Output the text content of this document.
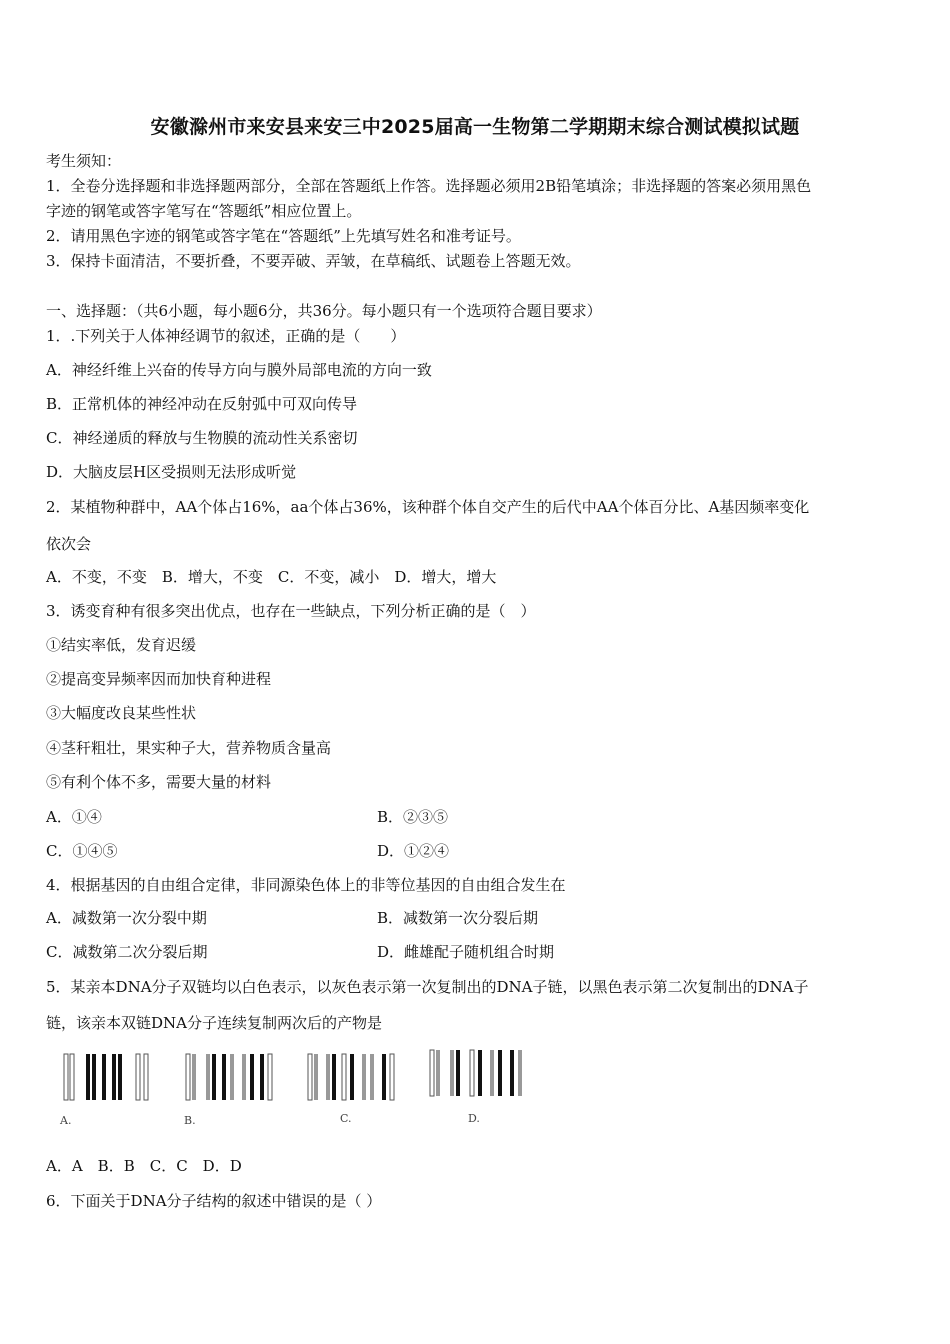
安徽滁州市来安县来安三中2025届高一生物第二学期期末综合测试模拟试题
考生须知：
1．全卷分选择题和非选择题两部分，全部在答题纸上作答。选择题必须用2B铅笔填涂；非选择题的答案必须用黑色
字迹的钢笔或答字笔写在“答题纸”相应位置上。
2．请用黑色字迹的钢笔或答字笔在“答题纸”上先填写姓名和准考证号。
3．保持卡面清洁，不要折叠，不要弄破、弄皱，在草稿纸、试题卷上答题无效。
一、选择题：（共6小题，每小题6分，共36分。每小题只有一个选项符合题目要求）
1．.下列关于人体神经调节的叙述，正确的是（　　）
A．神经纤维上兴奋的传导方向与膜外局部电流的方向一致
B．正常机体的神经冲动在反射弧中可双向传导
C．神经递质的释放与生物膜的流动性关系密切
D．大脑皮层H区受损则无法形成听觉
2．某植物种群中，AA个体占16%，aa个体占36%，该种群个体自交产生的后代中AA个体百分比、A基因频率变化
依次会
A．不变，不变　B．增大，不变　C．不变，减小　D．增大，增大
3．诱变育种有很多突出优点，也存在一些缺点，下列分析正确的是（　）
①结实率低，发育迟缓
②提高变异频率因而加快育种进程
③大幅度改良某些性状
④茎秆粗壮，果实种子大，营养物质含量高
⑤有利个体不多，需要大量的材料
A．①④	B．②③⑤
C．①④⑤	D．①②④
4．根据基因的自由组合定律，非同源染色体上的非等位基因的自由组合发生在
A．减数第一次分裂中期	B．减数第一次分裂后期
C．减数第二次分裂后期	D．雌雄配子随机组合时期
5．某亲本DNA分子双链均以白色表示，以灰色表示第一次复制出的DNA子链，以黑色表示第二次复制出的DNA子
链，该亲本双链DNA分子连续复制两次后的产物是
A.	B.	C.	D.
A．A　B．B　C．C　D．D
6．下面关于DNA分子结构的叙述中错误的是（ ）
